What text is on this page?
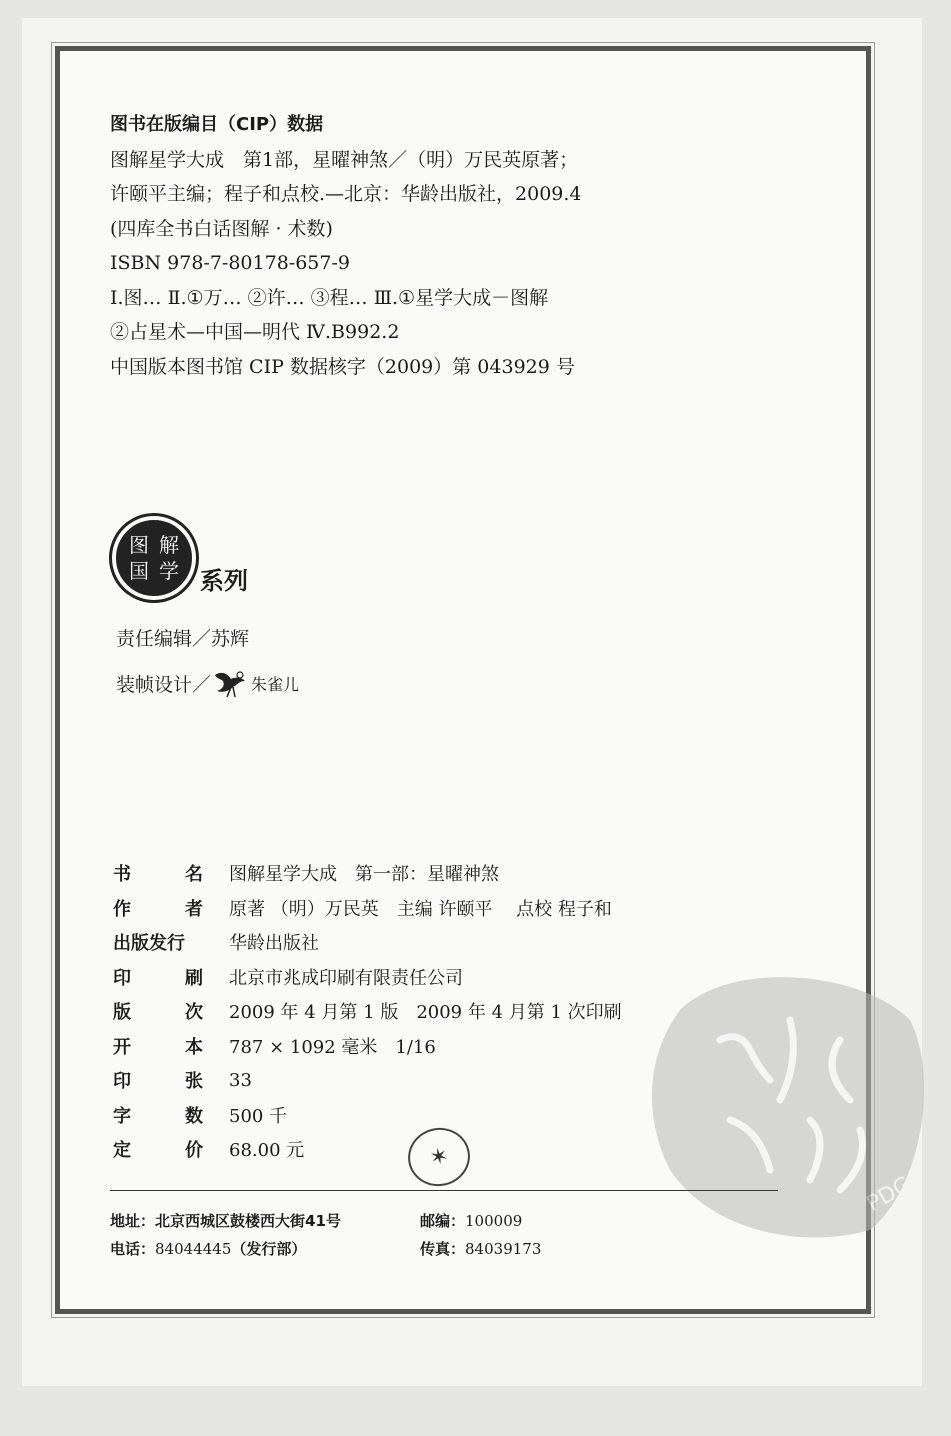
图书在版编目（CIP）数据
图解星学大成　第1部，星曜神煞／（明）万民英原著；
许颐平主编；程子和点校.—北京：华龄出版社，2009.4
(四库全书白话图解 · 术数)
ISBN 978-7-80178-657-9
Ⅰ.图… Ⅱ.①万… ②许… ③程… Ⅲ.①星学大成－图解
②占星术—中国—明代 Ⅳ.B992.2
中国版本图书馆 CIP 数据核字（2009）第 043929 号
图 解
国 学 系列
责任编辑／苏辉
装帧设计／	朱雀儿
书	名 图解星学大成　第一部：星曜神煞
作	者 原著 （明）万民英　主编 许颐平　 点校 程子和
出版发行 华龄出版社
印	刷 北京市兆成印刷有限责任公司
版	次 2009 年 4 月第 1 版　2009 年 4 月第 1 次印刷
开	本 787 × 1092 毫米　1/16
印	张 33
字	数 500 千
定	价 68.00 元	✶
PDG
地址：北京西城区鼓楼西大街41号	邮编：100009
电话：84044445（发行部）	传真：84039173
